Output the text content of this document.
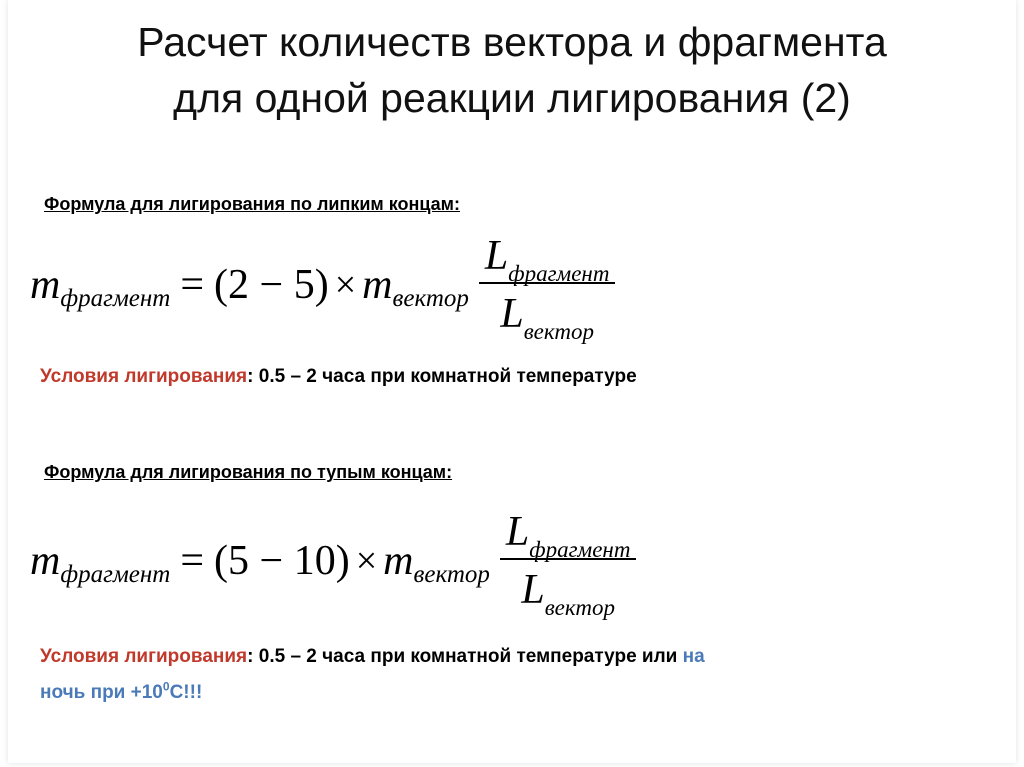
Расчет количеств вектора и фрагмента
для одной реакции лигирования (2)
Формула для лигирования по липким концам:
m фрагмент = (2 − 5) × m вектор $\frac{\text{L фрагмент}}{\text{L вектор}}$
Условия лигирования: 0.5 – 2 часа при комнатной температуре
Формула для лигирования по тупым концам:
m фрагмент = (5 − 10) × m вектор $\frac{\text{L фрагмент}}{\text{L вектор}}$
Условия лигирования: 0.5 – 2 часа при комнатной температуре или на
ночь при $+10^0С$!!!
